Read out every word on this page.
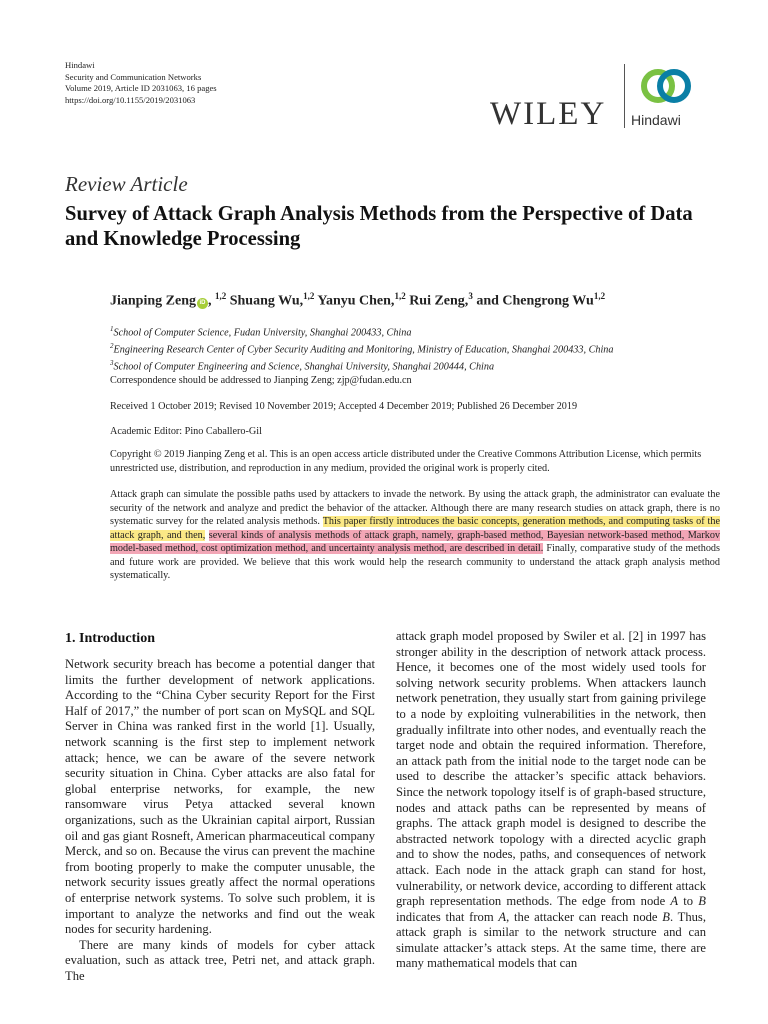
Hindawi
Security and Communication Networks
Volume 2019, Article ID 2031063, 16 pages
https://doi.org/10.1155/2019/2031063	WILEY Hindawi
Review Article
Survey of Attack Graph Analysis Methods from the Perspective of Data and Knowledge Processing
Jianping Zeng iD , $^{1,2}$ Shuang Wu,$^{1,2}$ Yanyu Chen,$^{1,2}$ Rui Zeng,$^3$ and Chengrong Wu$^{1,2}$
$^1$School of Computer Science, Fudan University, Shanghai 200433, China
$^2$Engineering Research Center of Cyber Security Auditing and Monitoring, Ministry of Education, Shanghai 200433, China
$^3$School of Computer Engineering and Science, Shanghai University, Shanghai 200444, China
Correspondence should be addressed to Jianping Zeng; zjp@fudan.edu.cn
Received 1 October 2019; Revised 10 November 2019; Accepted 4 December 2019; Published 26 December 2019
Academic Editor: Pino Caballero-Gil
Copyright © 2019 Jianping Zeng et al. This is an open access article distributed under the Creative Commons Attribution License, which permits unrestricted use, distribution, and reproduction in any medium, provided the original work is properly cited.
Attack graph can simulate the possible paths used by attackers to invade the network. By using the attack graph, the administrator can evaluate the security of the network and analyze and predict the behavior of the attacker. Although there are many research studies on attack graph, there is no systematic survey for the related analysis methods. This paper firstly introduces the basic concepts, generation methods, and computing tasks of the attack graph, and then, several kinds of analysis methods of attack graph, namely, graph-based method, Bayesian network-based method, Markov model-based method, cost optimization method, and uncertainty analysis method, are described in detail. Finally, comparative study of the methods and future work are provided. We believe that this work would help the research community to understand the attack graph analysis method systematically.
1. Introduction

Network security breach has become a potential danger that limits the further development of network applications. According to the “China Cyber security Report for the First Half of 2017,” the number of port scan on MySQL and SQL Server in China was ranked first in the world [1]. Usually, network scanning is the first step to implement network attack; hence, we can be aware of the severe network security situation in China. Cyber attacks are also fatal for global enterprise networks, for example, the new ransomware virus Petya attacked several known organizations, such as the Ukrainian capital airport, Russian oil and gas giant Rosneft, American pharmaceutical company Merck, and so on. Because the virus can prevent the machine from booting properly to make the computer unusable, the network security issues greatly affect the normal operations of enterprise network systems. To solve such problem, it is important to analyze the networks and find out the weak nodes for security hardening.

There are many kinds of models for cyber attack evaluation, such as attack tree, Petri net, and attack graph. The

attack graph model proposed by Swiler et al. [2] in 1997 has stronger ability in the description of network attack process. Hence, it becomes one of the most widely used tools for solving network security problems. When attackers launch network penetration, they usually start from gaining privilege to a node by exploiting vulnerabilities in the network, then gradually infiltrate into other nodes, and eventually reach the target node and obtain the required information. Therefore, an attack path from the initial node to the target node can be used to describe the attacker’s specific attack behaviors. Since the network topology itself is of graph-based structure, nodes and attack paths can be represented by means of graphs. The attack graph model is designed to describe the abstracted network topology with a directed acyclic graph and to show the nodes, paths, and consequences of network attack. Each node in the attack graph can stand for host, vulnerability, or network device, according to different attack graph representation methods. The edge from node A to B indicates that from A, the attacker can reach node B. Thus, attack graph is similar to the network structure and can simulate attacker’s attack steps. At the same time, there are many mathematical models that can
